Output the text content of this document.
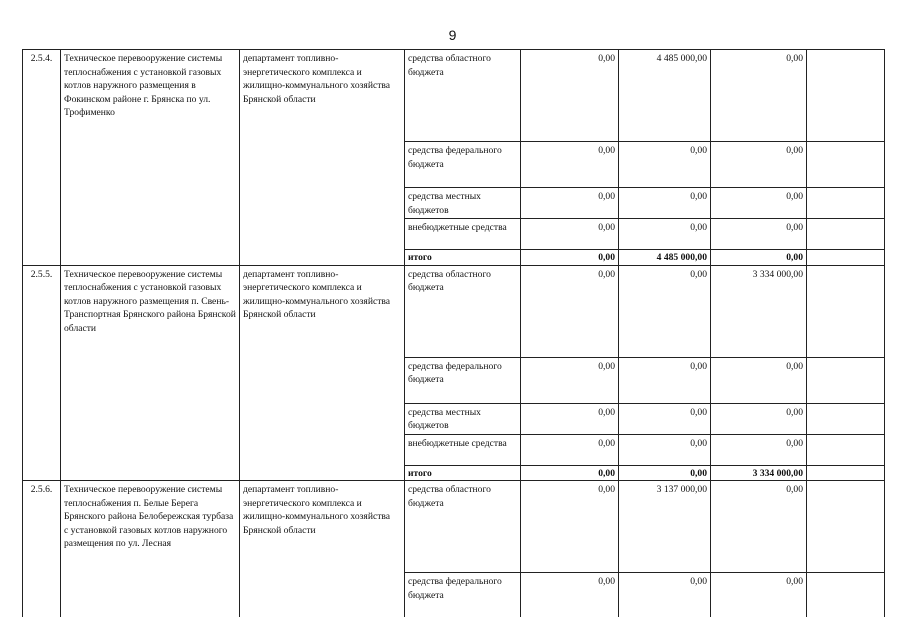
9
2.5.4.	Техническое перевооружение системы теплоснабжения с установкой газовых котлов наружного размещения в Фокинском районе г. Брянска по ул. Трофименко	департамент топливно-энергетического комплекса и жилищно-коммунального хозяйства Брянской области	средства областного бюджета	0,00	4 485 000,00	0,00	
			средства федерального бюджета	0,00	0,00	0,00	
			средства местных бюджетов	0,00	0,00	0,00	
			внебюджетные средства	0,00	0,00	0,00	
			итого	0,00	4 485 000,00	0,00	
2.5.5.	Техническое перевооружение системы теплоснабжения с установкой газовых котлов наружного размещения п. Свень-Транспортная Брянского района Брянской области	департамент топливно-энергетического комплекса и жилищно-коммунального хозяйства Брянской области	средства областного бюджета	0,00	0,00	3 334 000,00	
			средства федерального бюджета	0,00	0,00	0,00	
			средства местных бюджетов	0,00	0,00	0,00	
			внебюджетные средства	0,00	0,00	0,00	
			итого	0,00	0,00	3 334 000,00	
2.5.6.	Техническое перевооружение системы теплоснабжения п. Белые Берега Брянского района Белобережская турбаза с установкой газовых котлов наружного размещения по ул. Лесная	департамент топливно-энергетического комплекса и жилищно-коммунального хозяйства Брянской области	средства областного бюджета	0,00	3 137 000,00	0,00	
			средства федерального бюджета	0,00	0,00	0,00	
